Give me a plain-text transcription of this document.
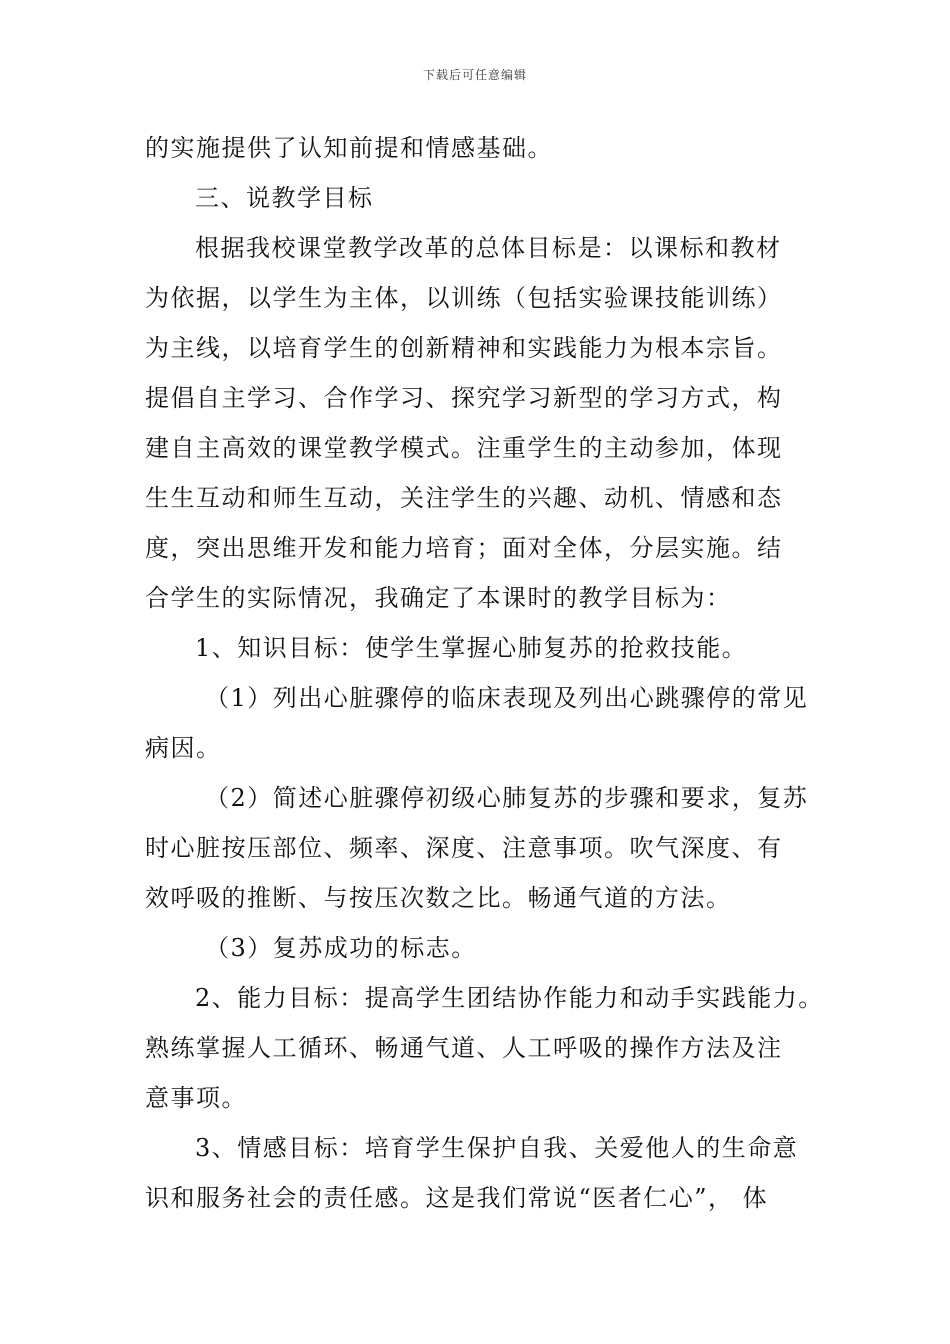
下载后可任意编辑
的实施提供了认知前提和情感基础。
三、说教学目标
根据我校课堂教学改革的总体目标是：以课标和教材
为依据，以学生为主体，以训练（包括实验课技能训练）
为主线，以培育学生的创新精神和实践能力为根本宗旨。
提倡自主学习、合作学习、探究学习新型的学习方式，构
建自主高效的课堂教学模式。注重学生的主动参加，体现
生生互动和师生互动，关注学生的兴趣、动机、情感和态
度，突出思维开发和能力培育；面对全体，分层实施。结
合学生的实际情况，我确定了本课时的教学目标为：
1、知识目标：使学生掌握心肺复苏的抢救技能。
（1）列出心脏骤停的临床表现及列出心跳骤停的常见
病因。
（2）简述心脏骤停初级心肺复苏的步骤和要求，复苏
时心脏按压部位、频率、深度、注意事项。吹气深度、有
效呼吸的推断、与按压次数之比。畅通气道的方法。
（3）复苏成功的标志。
2、能力目标：提高学生团结协作能力和动手实践能力。
熟练掌握人工循环、畅通气道、人工呼吸的操作方法及注
意事项。
3、情感目标：培育学生保护自我、关爱他人的生命意
识和服务社会的责任感。这是我们常说“医者仁心”， 体
